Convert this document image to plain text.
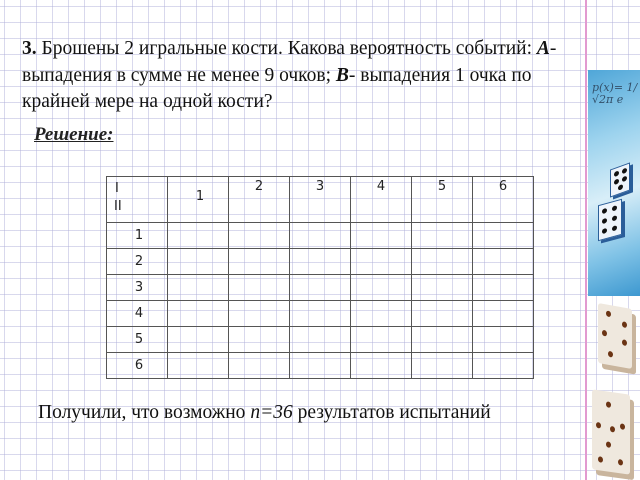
3. Брошены 2 игральные кости. Какова вероятность событий: А- выпадения в сумме не менее 9 очков; В- выпадения 1 очка по крайней мере на одной кости?

Решение:
I
II	1	2	3	4	5	6
1						
2						
3						
4						
5						
6						
Получили, что возможно n=36 результатов испытаний
p(x)= 1/√2π e
